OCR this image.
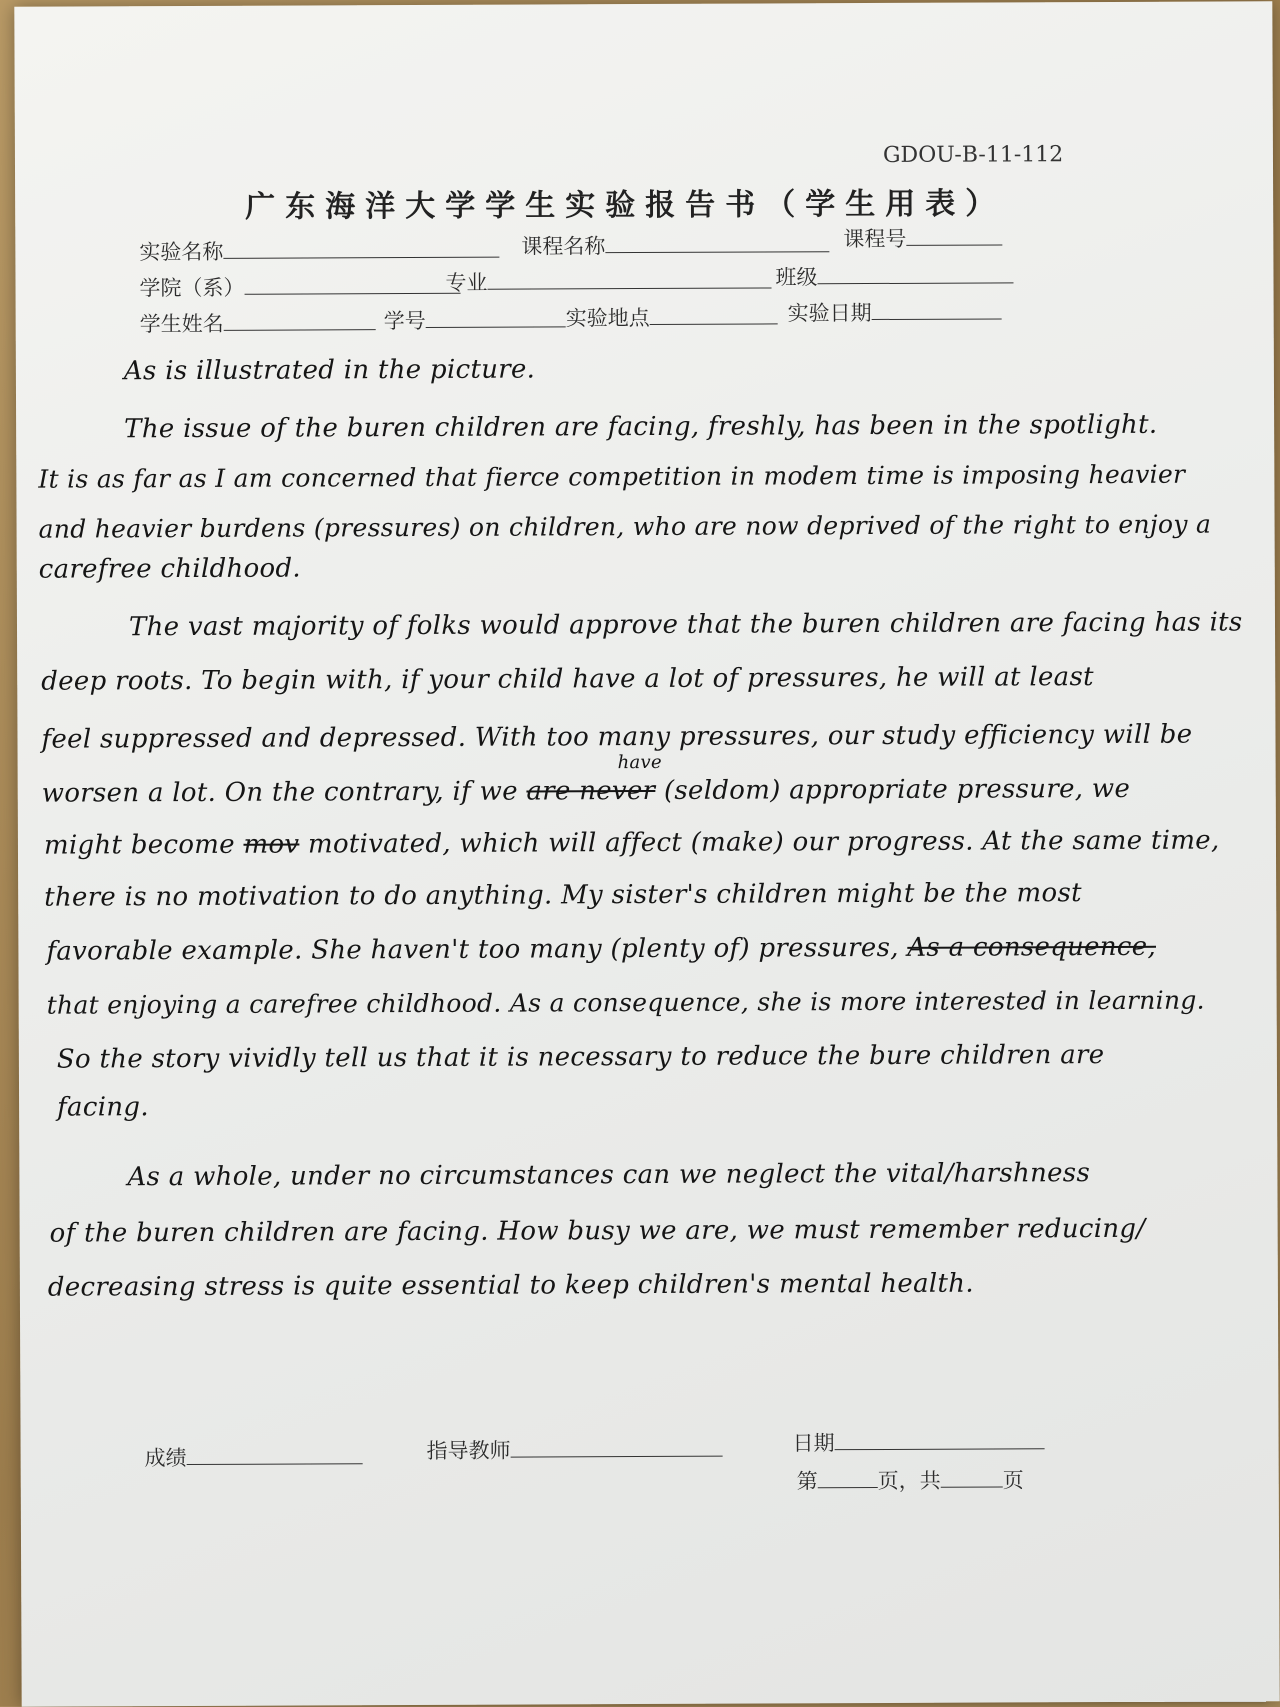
GDOU-B-11-112
广东海洋大学学生实验报告书（学生用表）
实验名称	课程名称	课程号
学院（系）	专业	班级
学生姓名	学号	实验地点	实验日期
As is illustrated in the picture.
The issue of the buren children are facing, freshly, has been in the spotlight.
It is as far as I am concerned that fierce competition in modem time is imposing heavier
and heavier burdens (pressures) on children, who are now deprived of the right to enjoy a
carefree childhood.
The vast majority of folks would approve that the buren children are facing has its
deep roots. To begin with, if your child have a lot of pressures, he will at least
feel suppressed and depressed. With too many pressures, our study efficiency will be
worsen a lot. On the contrary, if we are never (seldom) appropriate pressure, we
have
might become mov motivated, which will affect (make) our progress. At the same time,
there is no motivation to do anything. My sister's children might be the most
favorable example. She haven't too many (plenty of) pressures, As a consequence,
that enjoying a carefree childhood. As a consequence, she is more interested in learning.
So the story vividly tell us that it is necessary to reduce the bure children are
facing.
As a whole, under no circumstances can we neglect the vital/harshness
of the buren children are facing. How busy we are, we must remember reducing/
decreasing stress is quite essential to keep children's mental health.
成绩	指导教师	日期
第	页，共	页
